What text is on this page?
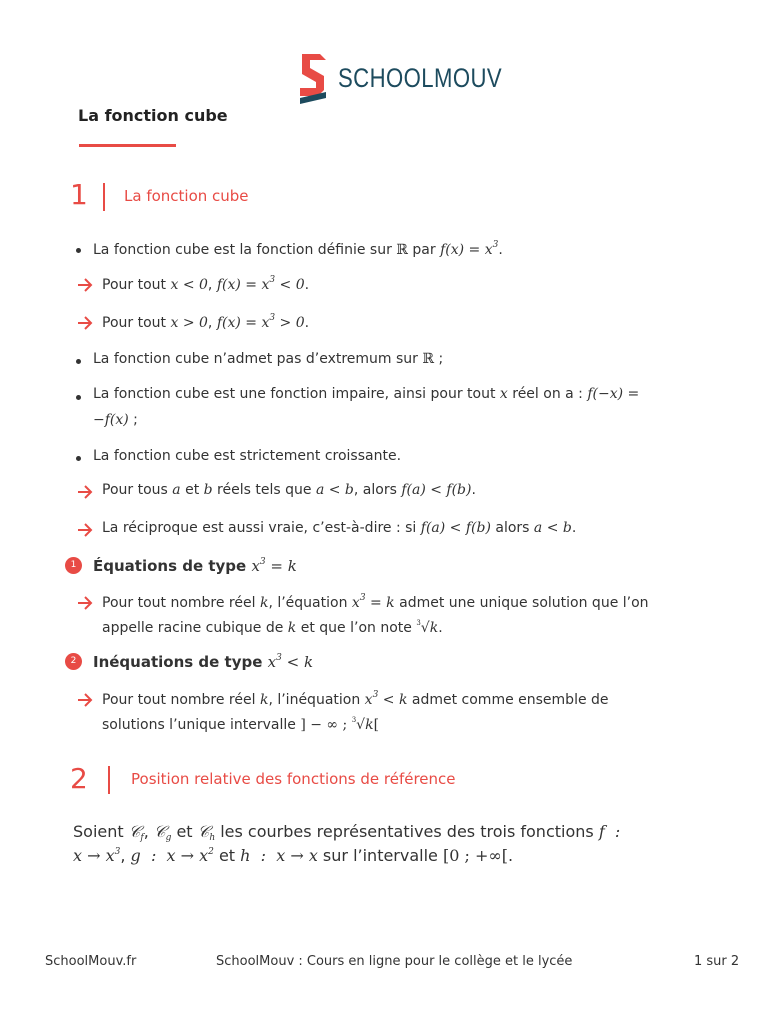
SCHOOLMOUV
La fonction cube
1 La fonction cube
La fonction cube est la fonction définie sur ℝ par $f(x) = x^3$.
Pour tout x < 0, $f(x) = x^3 < 0$.
Pour tout x > 0, $f(x) = x^3 > 0$.
La fonction cube n’admet pas d’extremum sur ℝ ;
La fonction cube est une fonction impaire, ainsi pour tout x réel on a : f(−x) =
−f(x) ;
La fonction cube est strictement croissante.
Pour tous a et b réels tels que a < b, alors f(a) < f(b).
La réciproque est aussi vraie, c’est-à-dire : si f(a) < f(b) alors a < b.
1	Équations de type $x^3 = k$
Pour tout nombre réel k, l’équation $x^3 = k$ admet une unique solution que l’on
appelle racine cubique de k et que l’on note $^3$√k.
2	Inéquations de type $x^3 < k$
Pour tout nombre réel k, l’inéquation $x^3 < k$ admet comme ensemble de
solutions l’unique intervalle ] − ∞ ; $^3$√k[
2	Position relative des fonctions de référence
Soient 𝒞$_f$, 𝒞$_g$ et 𝒞$_h$ les courbes représentatives des trois fonctions f  :
$x \to x^3$, g  :  $x \to x^2$ et h  :  x → x sur l’intervalle [0 ; +∞[.
SchoolMouv.fr	SchoolMouv : Cours en ligne pour le collège et le lycée	1 sur 2
